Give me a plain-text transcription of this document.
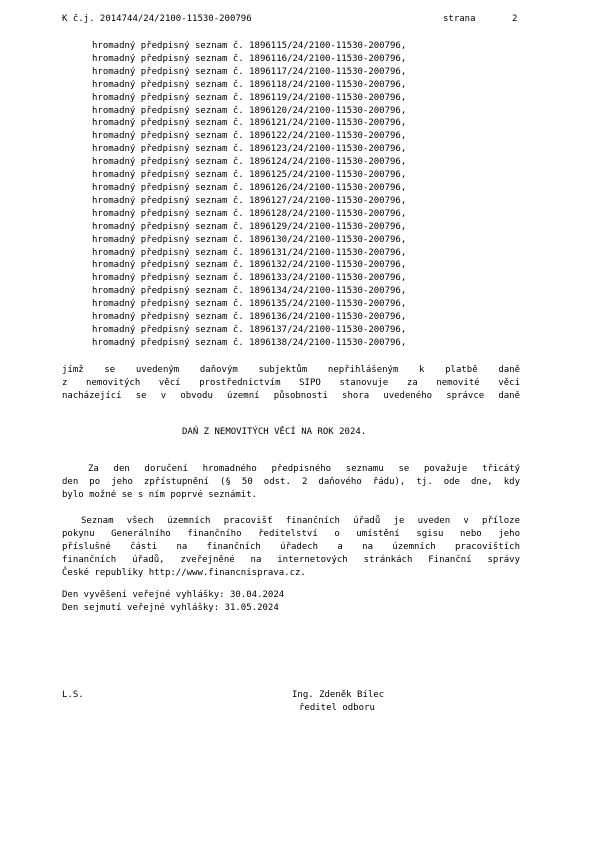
K č.j. 2014744/24/2100-11530-200796	strana	2
hromadný předpisný seznam č. 1896115/24/2100-11530-200796,
hromadný předpisný seznam č. 1896116/24/2100-11530-200796,
hromadný předpisný seznam č. 1896117/24/2100-11530-200796,
hromadný předpisný seznam č. 1896118/24/2100-11530-200796,
hromadný předpisný seznam č. 1896119/24/2100-11530-200796,
hromadný předpisný seznam č. 1896120/24/2100-11530-200796,
hromadný předpisný seznam č. 1896121/24/2100-11530-200796,
hromadný předpisný seznam č. 1896122/24/2100-11530-200796,
hromadný předpisný seznam č. 1896123/24/2100-11530-200796,
hromadný předpisný seznam č. 1896124/24/2100-11530-200796,
hromadný předpisný seznam č. 1896125/24/2100-11530-200796,
hromadný předpisný seznam č. 1896126/24/2100-11530-200796,
hromadný předpisný seznam č. 1896127/24/2100-11530-200796,
hromadný předpisný seznam č. 1896128/24/2100-11530-200796,
hromadný předpisný seznam č. 1896129/24/2100-11530-200796,
hromadný předpisný seznam č. 1896130/24/2100-11530-200796,
hromadný předpisný seznam č. 1896131/24/2100-11530-200796,
hromadný předpisný seznam č. 1896132/24/2100-11530-200796,
hromadný předpisný seznam č. 1896133/24/2100-11530-200796,
hromadný předpisný seznam č. 1896134/24/2100-11530-200796,
hromadný předpisný seznam č. 1896135/24/2100-11530-200796,
hromadný předpisný seznam č. 1896136/24/2100-11530-200796,
hromadný předpisný seznam č. 1896137/24/2100-11530-200796,
hromadný předpisný seznam č. 1896138/24/2100-11530-200796,
jímž se uvedeným daňovým subjektům nepřihlášeným k platbě daně
z nemovitých věcí prostřednictvím SIPO stanovuje za nemovité věci
nacházející se v obvodu územní působnosti shora uvedeného správce daně
DAŇ Z NEMOVITÝCH VĚCÍ NA ROK 2024.
Za den doručení hromadného předpisného seznamu se považuje třicátý
den po jeho zpřístupnění (§ 50 odst. 2 daňového řádu), tj. ode dne, kdy
bylo možné se s ním poprvé seznámit.
Seznam všech územních pracovišť finančních úřadů je uveden v příloze
pokynu Generálního finančního ředitelství o umístění sgisu nebo jeho
příslušné části na finančních úřadech a na územních pracovištích
finančních úřadů, zveřejněné na internetových stránkách Finanční správy
České republiky http://www.financnisprava.cz.
Den vyvěšení veřejné vyhlášky: 30.04.2024
Den sejmutí veřejné vyhlášky: 31.05.2024
L.S.	Ing. Zdeněk Bílec
ředitel odboru
